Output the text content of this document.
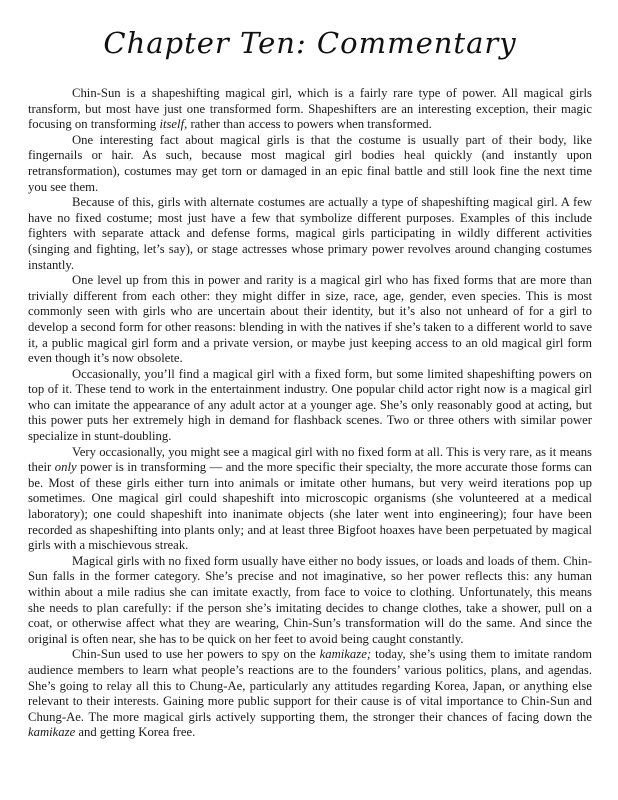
Chapter Ten: Commentary

Chin-Sun is a shapeshifting magical girl, which is a fairly rare type of power. All magical girls transform, but most have just one transformed form. Shapeshifters are an interesting exception, their magic focusing on transforming itself, rather than access to powers when transformed.

One interesting fact about magical girls is that the costume is usually part of their body, like fingernails or hair. As such, because most magical girl bodies heal quickly (and instantly upon retransformation), costumes may get torn or damaged in an epic final battle and still look fine the next time you see them.

Because of this, girls with alternate costumes are actually a type of shapeshifting magical girl. A few have no fixed costume; most just have a few that symbolize different purposes. Examples of this include fighters with separate attack and defense forms, magical girls participating in wildly different activities (singing and fighting, let’s say), or stage actresses whose primary power revolves around changing costumes instantly.

One level up from this in power and rarity is a magical girl who has fixed forms that are more than trivially different from each other: they might differ in size, race, age, gender, even species. This is most commonly seen with girls who are uncertain about their identity, but it’s also not unheard of for a girl to develop a second form for other reasons: blending in with the natives if she’s taken to a different world to save it, a public magical girl form and a private version, or maybe just keeping access to an old magical girl form even though it’s now obsolete.

Occasionally, you’ll find a magical girl with a fixed form, but some limited shapeshifting powers on top of it. These tend to work in the entertainment industry. One popular child actor right now is a magical girl who can imitate the appearance of any adult actor at a younger age. She’s only reasonably good at acting, but this power puts her extremely high in demand for flashback scenes. Two or three others with similar power specialize in stunt-doubling.

Very occasionally, you might see a magical girl with no fixed form at all. This is very rare, as it means their only power is in transforming — and the more specific their specialty, the more accurate those forms can be. Most of these girls either turn into animals or imitate other humans, but very weird iterations pop up sometimes. One magical girl could shapeshift into microscopic organisms (she volunteered at a medical laboratory); one could shapeshift into inanimate objects (she later went into engineering); four have been recorded as shapeshifting into plants only; and at least three Bigfoot hoaxes have been perpetuated by magical girls with a mischievous streak.

Magical girls with no fixed form usually have either no body issues, or loads and loads of them. Chin-Sun falls in the former category. She’s precise and not imaginative, so her power reflects this: any human within about a mile radius she can imitate exactly, from face to voice to clothing. Unfortunately, this means she needs to plan carefully: if the person she’s imitating decides to change clothes, take a shower, pull on a coat, or otherwise affect what they are wearing, Chin-Sun’s transformation will do the same. And since the original is often near, she has to be quick on her feet to avoid being caught constantly.

Chin-Sun used to use her powers to spy on the kamikaze; today, she’s using them to imitate random audience members to learn what people’s reactions are to the founders’ various politics, plans, and agendas. She’s going to relay all this to Chung-Ae, particularly any attitudes regarding Korea, Japan, or anything else relevant to their interests. Gaining more public support for their cause is of vital importance to Chin-Sun and Chung-Ae. The more magical girls actively supporting them, the stronger their chances of facing down the kamikaze and getting Korea free.
